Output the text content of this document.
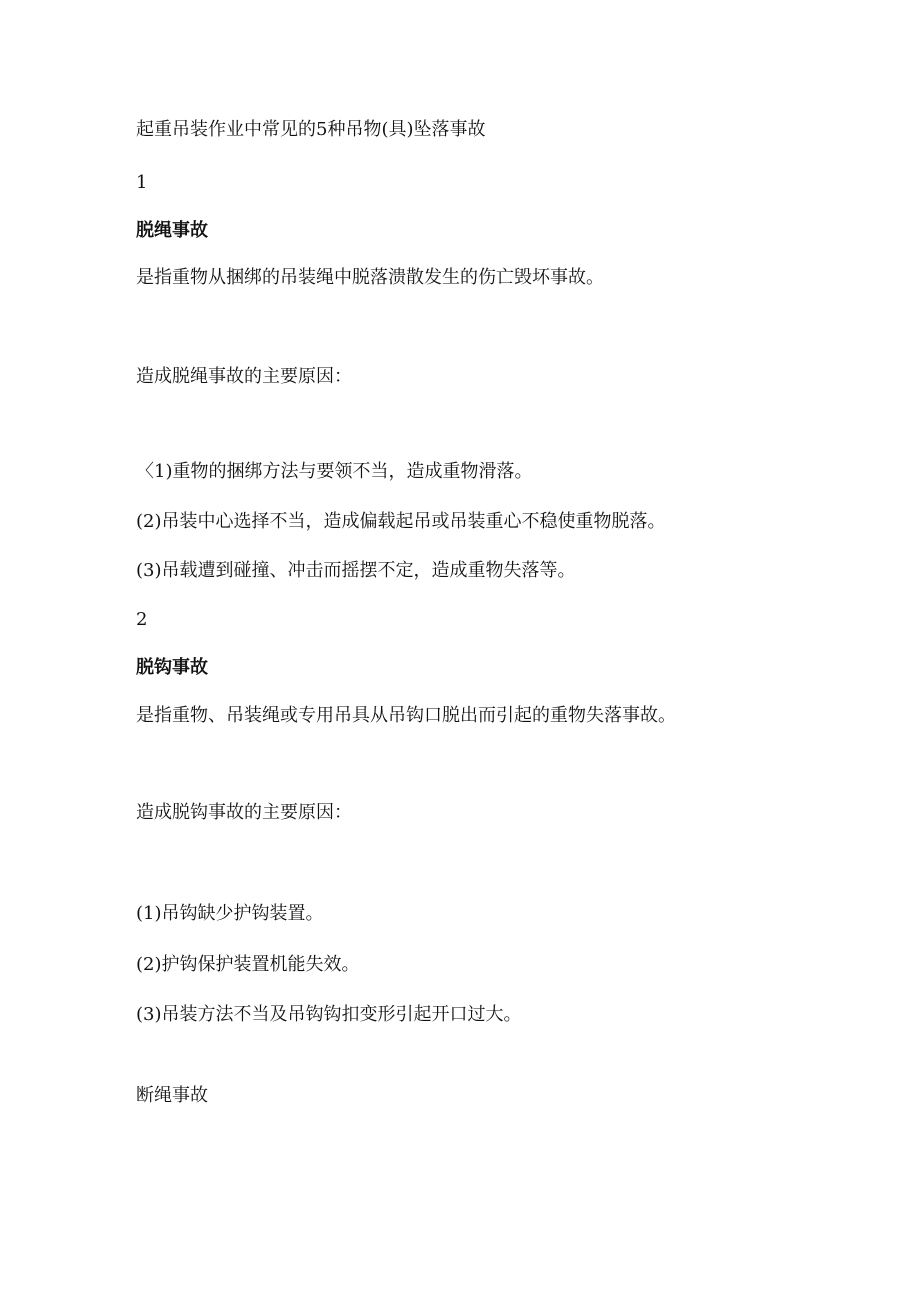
起重吊装作业中常见的5种吊物(具)坠落事故
1
脱绳事故
是指重物从捆绑的吊装绳中脱落溃散发生的伤亡毁坏事故。
造成脱绳事故的主要原因：
〈1)重物的捆绑方法与要领不当，造成重物滑落。
(2)吊装中心选择不当，造成偏载起吊或吊装重心不稳使重物脱落。
(3)吊载遭到碰撞、冲击而摇摆不定，造成重物失落等。
2
脱钩事故
是指重物、吊装绳或专用吊具从吊钩口脱出而引起的重物失落事故。
造成脱钩事故的主要原因：
(1)吊钩缺少护钩装置。
(2)护钩保护装置机能失效。
(3)吊装方法不当及吊钩钩扣变形引起开口过大。
断绳事故
